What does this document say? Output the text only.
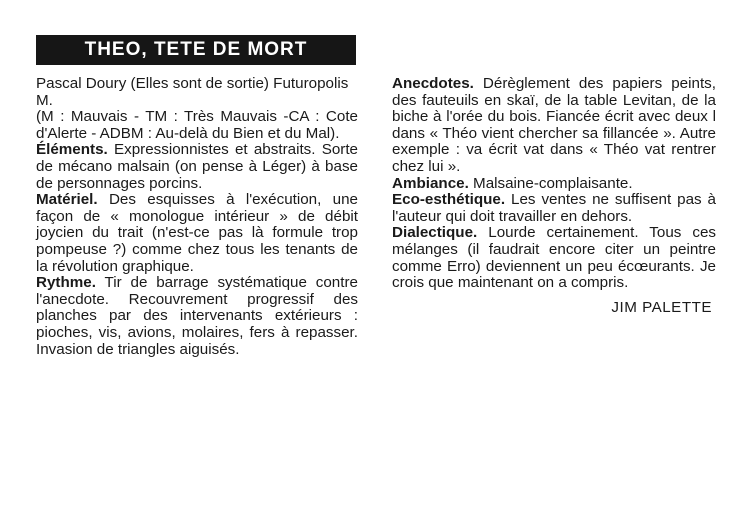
THEO, TETE DE MORT

Pascal Doury (Elles sont de sortie) Futuropolis

M.

(M : Mauvais - TM : Très Mauvais -CA : Cote d'Alerte - ADBM : Au-delà du Bien et du Mal).

Éléments. Expressionnistes et abstraits. Sorte de mécano malsain (on pense à Léger) à base de personnages porcins.

Matériel. Des esquisses à l'exécution, une façon de « monologue intérieur » de débit joycien du trait (n'est-ce pas là formule trop pompeuse ?) comme chez tous les tenants de la révolution graphique.

Rythme. Tir de barrage systématique contre l'anecdote. Recouvrement progressif des planches par des intervenants extérieurs : pioches, vis, avions, molaires, fers à repasser. Invasion de triangles aiguisés.

Anecdotes. Dérèglement des papiers peints, des fauteuils en skaï, de la table Levitan, de la biche à l'orée du bois. Fiancée écrit avec deux l dans « Théo vient chercher sa fillancée ». Autre exemple : va écrit vat dans « Théo vat rentrer chez lui ».

Ambiance. Malsaine-complaisante.

Eco-esthétique. Les ventes ne suffisent pas à l'auteur qui doit travailler en dehors.

Dialectique. Lourde certainement. Tous ces mélanges (il faudrait encore citer un peintre comme Erro) deviennent un peu écœurants. Je crois que maintenant on a compris.

JIM PALETTE
